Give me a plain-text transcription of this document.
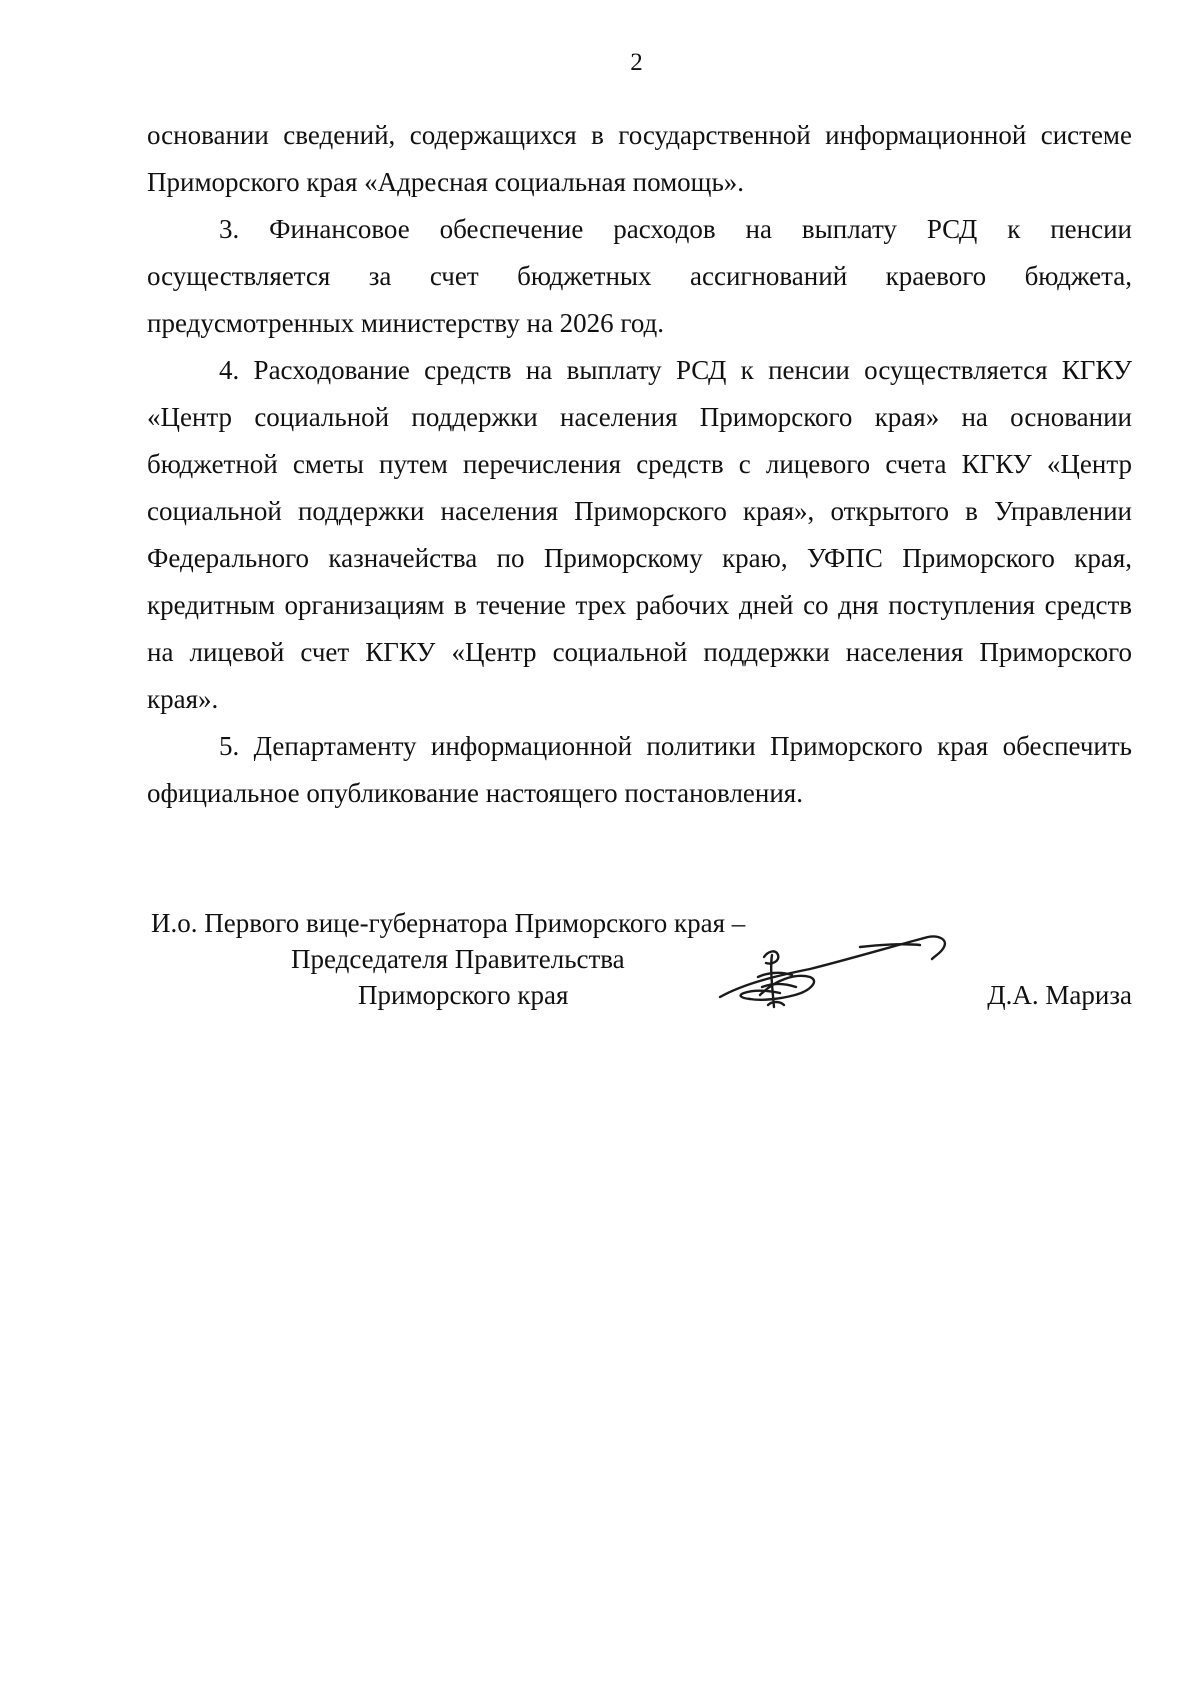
2

основании сведений, содержащихся в государственной информационной системе Приморского края «Адресная социальная помощь».

3. Финансовое обеспечение расходов на выплату РСД к пенсии осуществляется за счет бюджетных ассигнований краевого бюджета, предусмотренных министерству на 2026 год.

4. Расходование средств на выплату РСД к пенсии осуществляется КГКУ «Центр социальной поддержки населения Приморского края» на основании бюджетной сметы путем перечисления средств с лицевого счета КГКУ «Центр социальной поддержки населения Приморского края», открытого в Управлении Федерального казначейства по Приморскому краю, УФПС Приморского края, кредитным организациям в течение трех рабочих дней со дня поступления средств на лицевой счет КГКУ «Центр социальной поддержки населения Приморского края».

5. Департаменту информационной политики Приморского края обеспечить официальное опубликование настоящего постановления.

И.о. Первого вице-губернатора Приморского края –
Председателя Правительства
Приморского края	Д.А. Мариза
